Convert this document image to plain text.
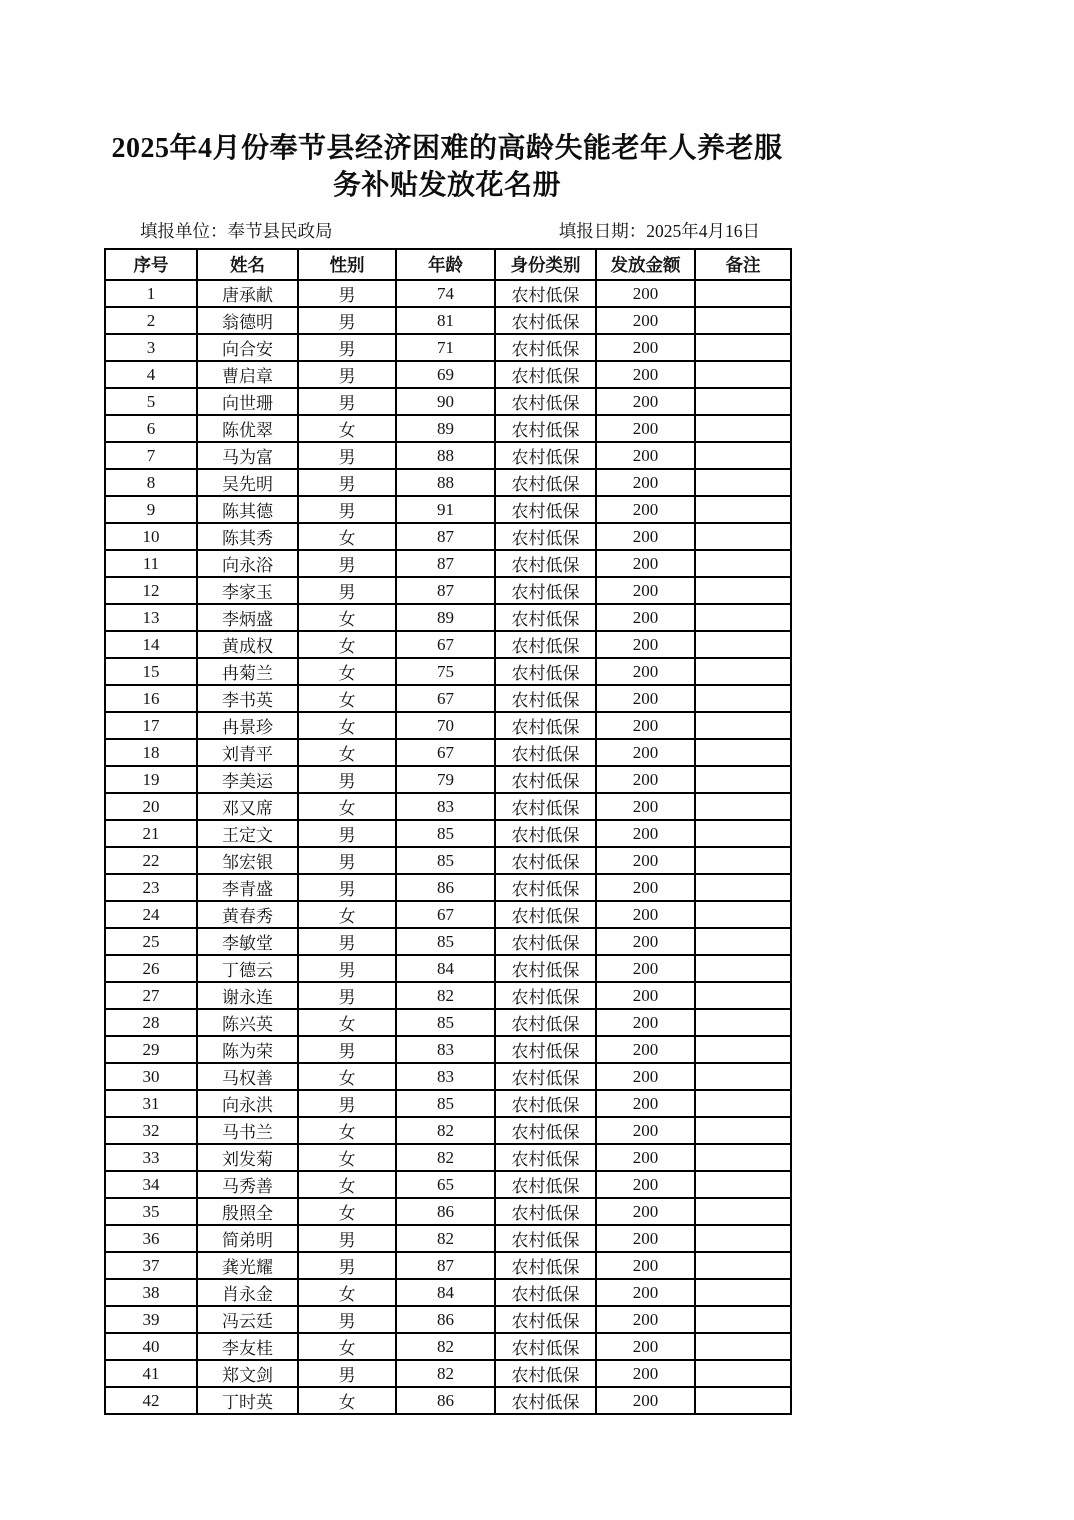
2025年4月份奉节县经济困难的高龄失能老年人养老服务补贴发放花名册
填报单位：奉节县民政局	填报日期：2025年4月16日
序号	姓名	性别	年龄	身份类别	发放金额	备注
1	唐承献	男	74	农村低保	200	
2	翁德明	男	81	农村低保	200	
3	向合安	男	71	农村低保	200	
4	曹启章	男	69	农村低保	200	
5	向世珊	男	90	农村低保	200	
6	陈优翠	女	89	农村低保	200	
7	马为富	男	88	农村低保	200	
8	吴先明	男	88	农村低保	200	
9	陈其德	男	91	农村低保	200	
10	陈其秀	女	87	农村低保	200	
11	向永浴	男	87	农村低保	200	
12	李家玉	男	87	农村低保	200	
13	李炳盛	女	89	农村低保	200	
14	黄成权	女	67	农村低保	200	
15	冉菊兰	女	75	农村低保	200	
16	李书英	女	67	农村低保	200	
17	冉景珍	女	70	农村低保	200	
18	刘青平	女	67	农村低保	200	
19	李美运	男	79	农村低保	200	
20	邓又席	女	83	农村低保	200	
21	王定文	男	85	农村低保	200	
22	邹宏银	男	85	农村低保	200	
23	李青盛	男	86	农村低保	200	
24	黄春秀	女	67	农村低保	200	
25	李敏堂	男	85	农村低保	200	
26	丁德云	男	84	农村低保	200	
27	谢永连	男	82	农村低保	200	
28	陈兴英	女	85	农村低保	200	
29	陈为荣	男	83	农村低保	200	
30	马权善	女	83	农村低保	200	
31	向永洪	男	85	农村低保	200	
32	马书兰	女	82	农村低保	200	
33	刘发菊	女	82	农村低保	200	
34	马秀善	女	65	农村低保	200	
35	殷照全	女	86	农村低保	200	
36	简弟明	男	82	农村低保	200	
37	龚光耀	男	87	农村低保	200	
38	肖永金	女	84	农村低保	200	
39	冯云廷	男	86	农村低保	200	
40	李友桂	女	82	农村低保	200	
41	郑文剑	男	82	农村低保	200	
42	丁时英	女	86	农村低保	200	
